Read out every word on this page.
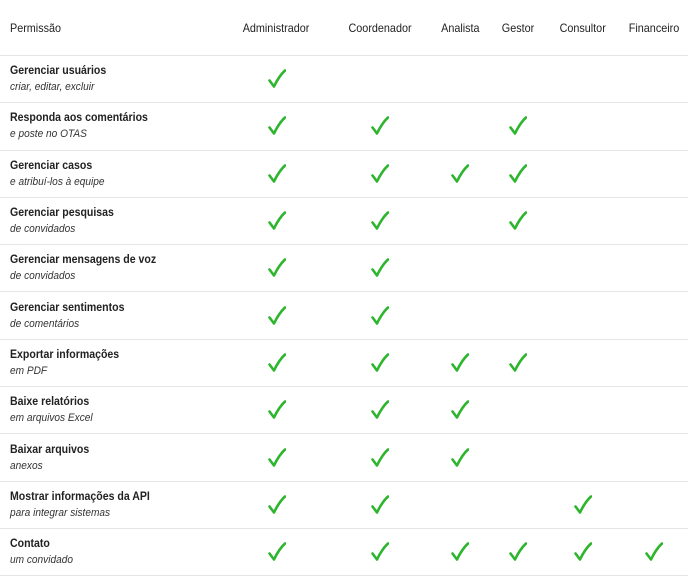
Permissão	Administrador	Coordenador Analista Gestor Consultor Financeiro
Gerenciar usuários
criar, editar, excluir
Responda aos comentários
e poste no OTAS
Gerenciar casos
e atribuí-los à equipe
Gerenciar pesquisas
de convidados
Gerenciar mensagens de voz
de convidados
Gerenciar sentimentos
de comentários
Exportar informações
em PDF
Baixe relatórios
em arquivos Excel
Baixar arquivos
anexos
Mostrar informações da API
para integrar sistemas
Contato
um convidado
